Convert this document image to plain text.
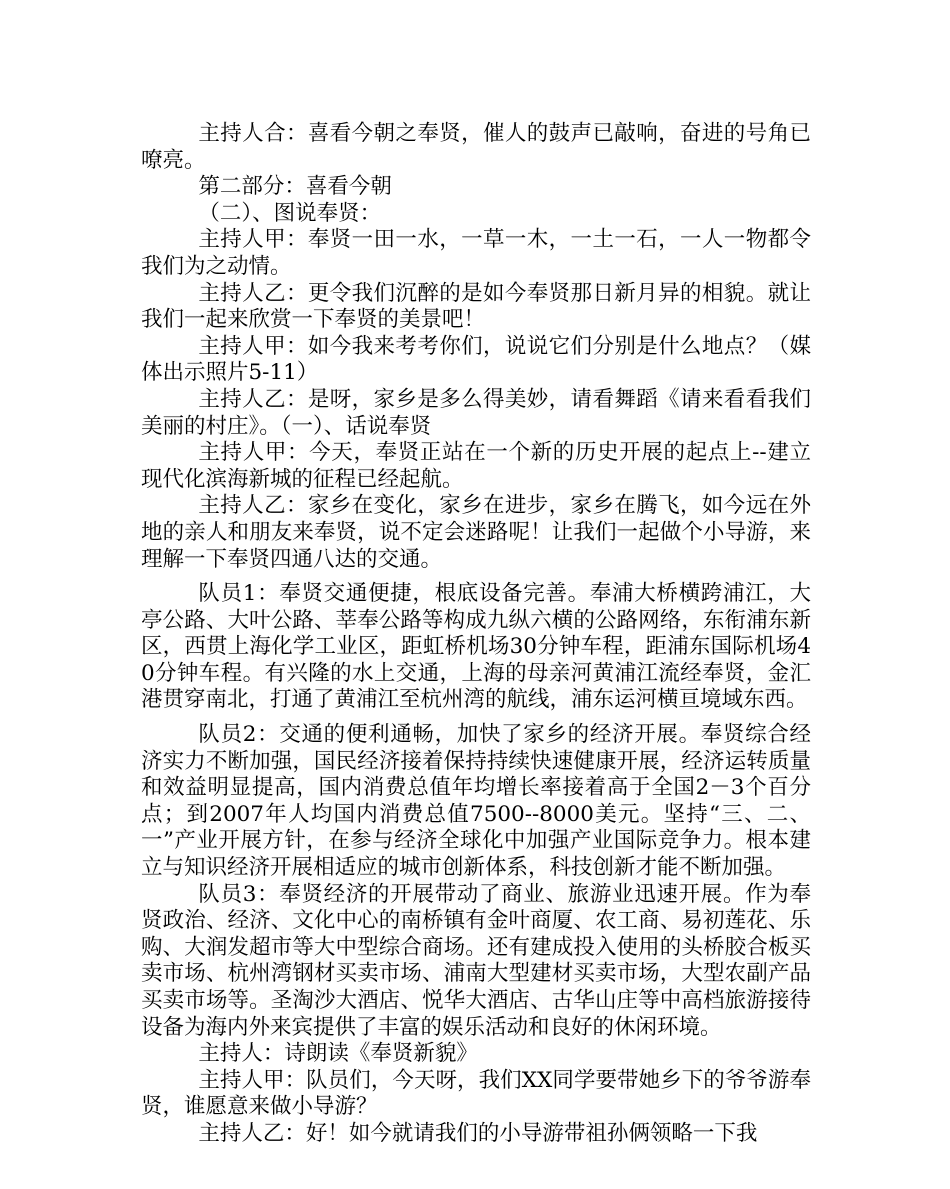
主持人合：喜看今朝之奉贤，催人的鼓声已敲响，奋进的号角已嘹亮。

第二部分：喜看今朝

（二）、图说奉贤：

主持人甲：奉贤一田一水，一草一木，一土一石，一人一物都令我们为之动情。

主持人乙：更令我们沉醉的是如今奉贤那日新月异的相貌。就让我们一起来欣赏一下奉贤的美景吧！

主持人甲：如今我来考考你们，说说它们分别是什么地点？（媒体出示照片5-11）

主持人乙：是呀，家乡是多么得美妙，请看舞蹈《请来看看我们美丽的村庄》。（一）、话说奉贤

主持人甲：今天，奉贤正站在一个新的历史开展的起点上--建立现代化滨海新城的征程已经起航。

主持人乙：家乡在变化，家乡在进步，家乡在腾飞，如今远在外地的亲人和朋友来奉贤，说不定会迷路呢！让我们一起做个小导游，来理解一下奉贤四通八达的交通。

队员1：奉贤交通便捷，根底设备完善。奉浦大桥横跨浦江，大亭公路、大叶公路、莘奉公路等构成九纵六横的公路网络，东衔浦东新区，西贯上海化学工业区，距虹桥机场30分钟车程，距浦东国际机场40分钟车程。有兴隆的水上交通，上海的母亲河黄浦江流经奉贤，金汇港贯穿南北，打通了黄浦江至杭州湾的航线，浦东运河横亘境域东西。

队员2：交通的便利通畅，加快了家乡的经济开展。奉贤综合经济实力不断加强，国民经济接着保持持续快速健康开展，经济运转质量和效益明显提高，国内消费总值年均增长率接着高于全国2－3个百分点；到2007年人均国内消费总值7500--8000美元。坚持“三、二、一”产业开展方针，在参与经济全球化中加强产业国际竞争力。根本建立与知识经济开展相适应的城市创新体系，科技创新才能不断加强。

队员3：奉贤经济的开展带动了商业、旅游业迅速开展。作为奉贤政治、经济、文化中心的南桥镇有金叶商厦、农工商、易初莲花、乐购、大润发超市等大中型综合商场。还有建成投入使用的头桥胶合板买卖市场、杭州湾钢材买卖市场、浦南大型建材买卖市场，大型农副产品买卖市场等。圣淘沙大酒店、悦华大酒店、古华山庄等中高档旅游接待设备为海内外来宾提供了丰富的娱乐活动和良好的休闲环境。

主持人：诗朗读《奉贤新貌》

主持人甲：队员们，今天呀，我们XX同学要带她乡下的爷爷游奉贤，谁愿意来做小导游？

主持人乙：好！如今就请我们的小导游带祖孙俩领略一下我
